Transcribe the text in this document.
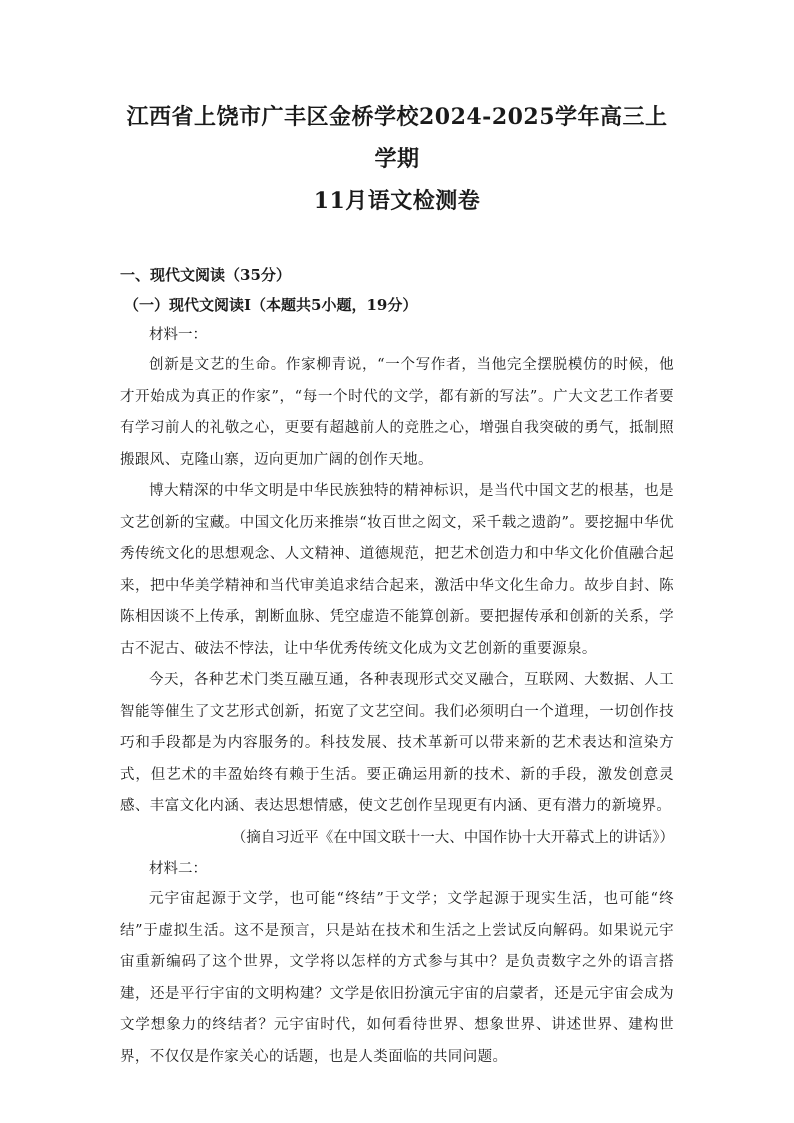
江西省上饶市广丰区金桥学校2024-2025学年高三上学期
11月语文检测卷

一、现代文阅读（35分）

（一）现代文阅读Ⅰ（本题共5小题，19分）

材料一：

创新是文艺的生命。作家柳青说，“一个写作者，当他完全摆脱模仿的时候，他才开始成为真正的作家”，“每一个时代的文学，都有新的写法”。广大文艺工作者要有学习前人的礼敬之心，更要有超越前人的竞胜之心，增强自我突破的勇气，抵制照搬跟风、克隆山寨，迈向更加广阔的创作天地。

博大精深的中华文明是中华民族独特的精神标识，是当代中国文艺的根基，也是文艺创新的宝藏。中国文化历来推崇“妆百世之闳文，采千载之遗韵”。要挖掘中华优秀传统文化的思想观念、人文精神、道德规范，把艺术创造力和中华文化价值融合起来，把中华美学精神和当代审美追求结合起来，激活中华文化生命力。故步自封、陈陈相因谈不上传承，割断血脉、凭空虚造不能算创新。要把握传承和创新的关系，学古不泥古、破法不悖法，让中华优秀传统文化成为文艺创新的重要源泉。

今天，各种艺术门类互融互通，各种表现形式交叉融合，互联网、大数据、人工智能等催生了文艺形式创新，拓宽了文艺空间。我们必须明白一个道理，一切创作技巧和手段都是为内容服务的。科技发展、技术革新可以带来新的艺术表达和渲染方式，但艺术的丰盈始终有赖于生活。要正确运用新的技术、新的手段，激发创意灵感、丰富文化内涵、表达思想情感，使文艺创作呈现更有内涵、更有潜力的新境界。

（摘自习近平《在中国文联十一大、中国作协十大开幕式上的讲话》）

材料二：

元宇宙起源于文学，也可能“终结”于文学；文学起源于现实生活，也可能“终结”于虚拟生活。这不是预言，只是站在技术和生活之上尝试反向解码。如果说元宇宙重新编码了这个世界，文学将以怎样的方式参与其中？是负责数字之外的语言搭建，还是平行宇宙的文明构建？文学是依旧扮演元宇宙的启蒙者，还是元宇宙会成为文学想象力的终结者？元宇宙时代，如何看待世界、想象世界、讲述世界、建构世界，不仅仅是作家关心的话题，也是人类面临的共同问题。
